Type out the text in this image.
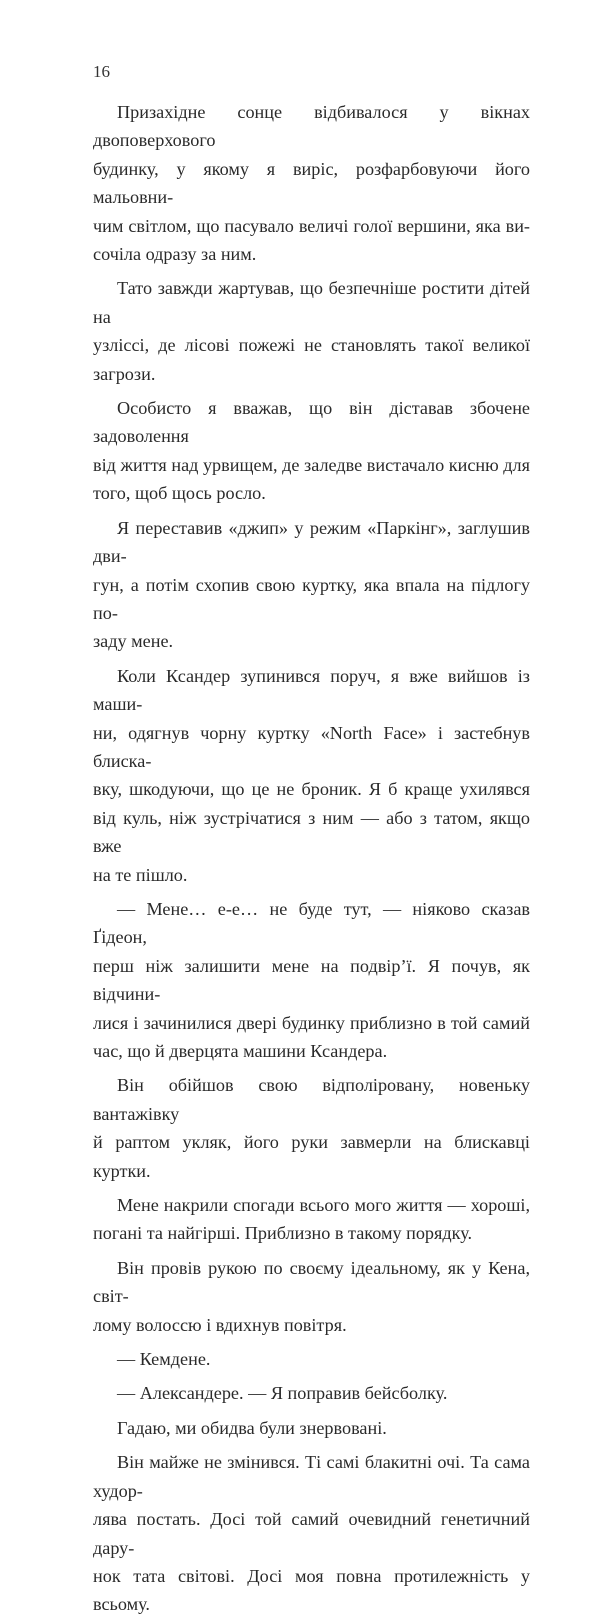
16

Призахідне сонце відбивалося у вікнах двоповерхового
будинку, у якому я виріс, розфарбовуючи його мальовни-
чим світлом, що пасувало величі голої вершини, яка ви-
сочіла одразу за ним.

Тато завжди жартував, що безпечніше ростити дітей на
узліссі, де лісові пожежі не становлять такої великої загрози.

Особисто я вважав, що він діставав збочене задоволення
від життя над урвищем, де заледве вистачало кисню для
того, щоб щось росло.

Я переставив «джип» у режим «Паркінг», заглушив дви-
гун, а потім схопив свою куртку, яка впала на підлогу по-
заду мене.

Коли Ксандер зупинився поруч, я вже вийшов із маши-
ни, одягнув чорну куртку «North Face» і застебнув блиска-
вку, шкодуючи, що це не броник. Я б краще ухилявся
від куль, ніж зустрічатися з ним — або з татом, якщо вже
на те пішло.

— Мене… е-е… не буде тут, — ніяково сказав Ґідеон,
перш ніж залишити мене на подвір’ї. Я почув, як відчини-
лися і зачинилися двері будинку приблизно в той самий
час, що й дверцята машини Ксандера.

Він обійшов свою відполіровану, новеньку вантажівку
й раптом укляк, його руки завмерли на блискавці куртки.

Мене накрили спогади всього мого життя — хороші,
погані та найгірші. Приблизно в такому порядку.

Він провів рукою по своєму ідеальному, як у Кена, світ-
лому волоссю і вдихнув повітря.

— Кемдене.

— Александере. — Я поправив бейсболку.

Гадаю, ми обидва були знервовані.

Він майже не змінився. Ті самі блакитні очі. Та сама худор-
лява постать. Досі той самий очевидний генетичний дару-
нок тата світові. Досі моя повна протилежність у всьому.
